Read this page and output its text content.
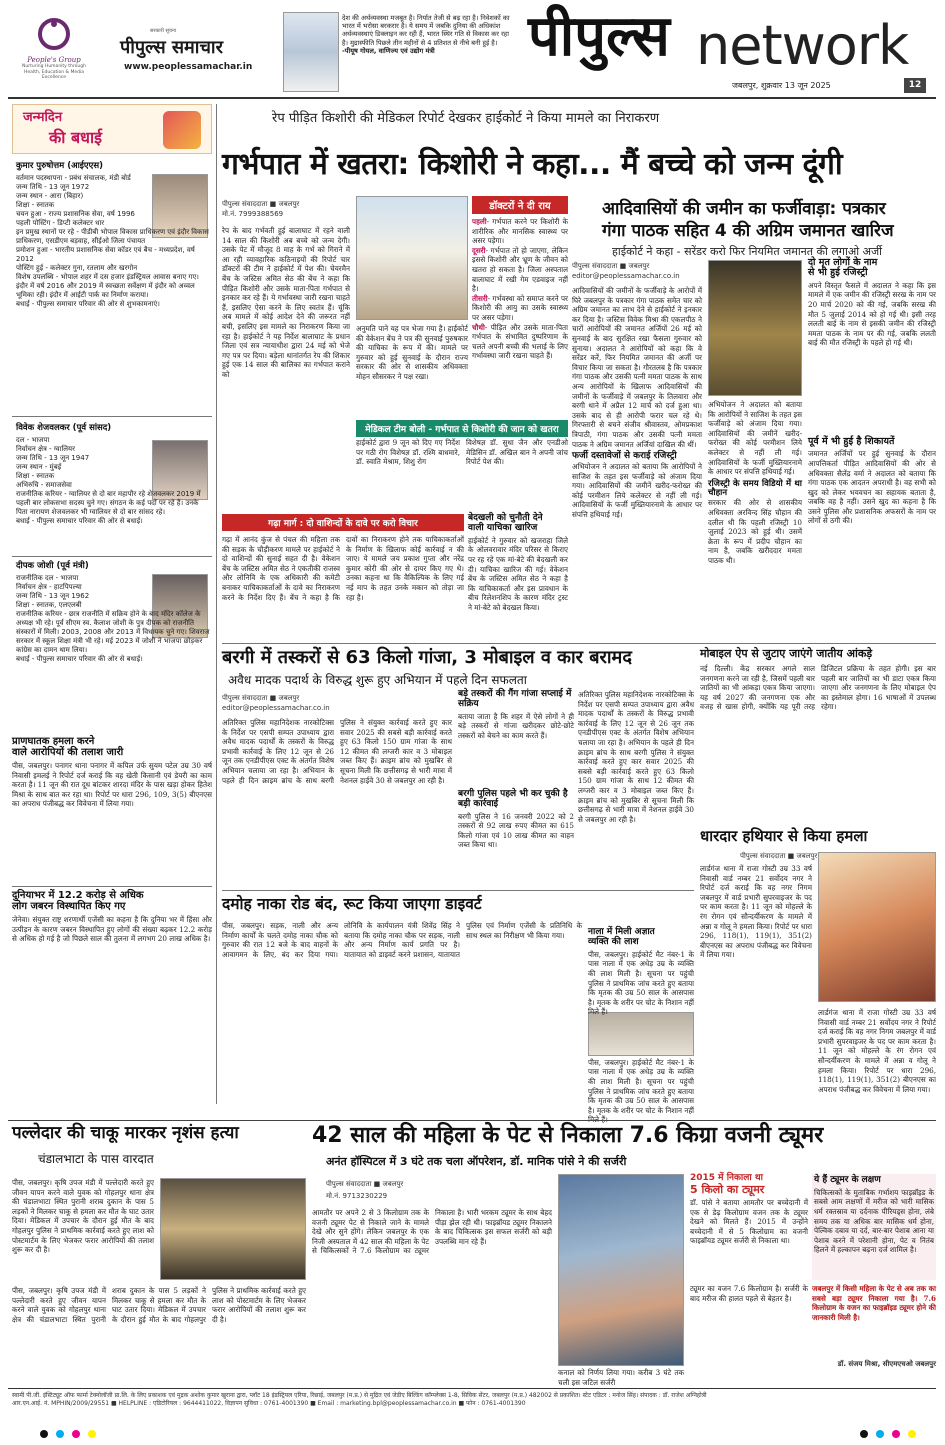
People's Group
Nurturing Humanity through Health, Education & Media Excellence
सरकारी सूचना
पीपुल्स समाचार
www.peoplessamachar.in
देश की अर्थव्यवस्था मजबूत है। निर्यात तेजी से बढ़ रहा है। निवेशकों का भारत में भरोसा बरकरार है। ये समय में जबकि दुनिया की अधिकांश अर्थव्यवस्थाएं डिक्लाइन कर रही हैं, भारत स्थिर गति से विकास कर रहा है। मुद्रास्फीति पिछले तीन महीनों से 4 प्रतिशत से नीचे बनी हुई है। -पीयूष गोयल, वाणिज्य एवं उद्योग मंत्री	पीपुल्स network
जबलपुर, शुक्रवार 13 जून 2025	12
जन्मदिन
की बधाई
कुमार पुरुषोत्तम (आईएएस)
वर्तमान पदस्थापना - प्रबंध संचालक, मंडी बोर्ड
जन्म तिथि - 13 जून 1972
जन्म स्थान - आरा (बिहार)
शिक्षा - स्नातक
चयन हुआ - राज्य प्रशासनिक सेवा, वर्ष 1996
पहली पोस्टिंग - डिप्टी कलेक्टर धार
इन प्रमुख स्थानों पर रहे - पीडीबी भोपाल विकास प्राधिकरण एवं इंदौर विकास प्राधिकरण, एसडीएम बड़वाह, सीईओ जिला पंचायत
प्रमोशन हुआ - भारतीय प्रशासनिक सेवा कॉडर एवं बैच - मध्यप्रदेश, वर्ष 2012
पोस्टिंग हुई - कलेक्टर गुना, रतलाम और खरगोन
विशेष उपलब्धि - भोपाल शहर में दस हजार इंडस्ट्रियल आवास बनाए गए। इंदौर में वर्ष 2016 और 2019 में स्वच्छता सर्वेक्षण में इंदौर को अव्वल भूमिका रही। इंदौर में आईटी पार्क का निर्माण कराया।
बधाई - पीपुल्स समाचार परिवार की ओर से शुभकामनाएं।
विवेक शेजवलकर (पूर्व सांसद)
दल - भाजपा
निर्वाचन क्षेत्र - ग्वालियर
जन्म तिथि - 13 जून 1947
जन्म स्थान - मुंबई
शिक्षा - स्नातक
अभिरुचि - समाजसेवा
राजनीतिक करियर - ग्वालियर से दो बार महापौर रहे शेजवलकर 2019 में पहली बार लोकसभा सदस्य चुने गए। संगठन के कई पदों पर रहे हैं। उनके पिता नारायण शेजवलकर भी ग्वालियर से दो बार सांसद रहे।
बधाई - पीपुल्स समाचार परिवार की ओर से बधाई।
दीपक जोशी (पूर्व मंत्री)
राजनीतिक दल - भाजपा
निर्वाचन क्षेत्र - हाटपिपल्या
जन्म तिथि - 13 जून 1962
शिक्षा - स्नातक, एलएलबी
राजनीतिक करियर - छात्र राजनीति में सक्रिय होने के बाद मंदिर कॉलेज के अध्यक्ष भी रहे। पूर्व सीएम स्व. कैलाश जोशी के पुत्र दीपक को राजनीति संस्कारों में मिली। 2003, 2008 और 2013 में विधायक चुने गए। शिवराज सरकार में स्कूल शिक्षा मंत्री भी रहे। मई 2023 में जोशी ने भाजपा छोड़कर कांग्रेस का दामन थाम लिया।
बधाई - पीपुल्स समाचार परिवार की ओर से बधाई।
रेप पीड़ित किशोरी की मेडिकल रिपोर्ट देखकर हाईकोर्ट ने किया मामले का निराकरण
गर्भपात में खतरा: किशोरी ने कहा... मैं बच्चे को जन्म दूंगी
पीपुल्स संवाददाता ■ जबलपुर
मो.नं. 7999388569
रेप के बाद गर्भवती हुई बालाघाट में रहने वाली 14 साल की किशोरी अब बच्चे को जन्म देगी। उसके पेट में मौजूद 8 माह के गर्भ को गिराने में आ रही व्यावहारिक कठिनाइयों की रिपोर्ट चार डॉक्टरों की टीम ने हाईकोर्ट में पेश की। चेयरमैन बेंच के जस्टिस अमित सेठ की बेंच ने कहा कि पीड़ित किशोरी और उसके माता-पिता गर्भपात से इनकार कर रहे हैं। ये गर्भावस्था जारी रखना चाहते हैं, इसलिए ऐसा करने के लिए स्वतंत्र हैं। चूंकि अब मामले में कोई आदेश देने की जरूरत नहीं बची, इसलिए इस मामले का निराकरण किया जा रहा है। हाईकोर्ट ने यह निर्देश बालाघाट के प्रधान जिला एवं सत्र न्यायाधीश द्वारा 24 मई को भेजे गए पत्र पर दिया। बड़ेला थानांतर्गत रेप की शिकार हुई एक 14 साल की बालिका का गर्भपात कराने को
अनुमति पाने यह पत्र भेजा गया है। हाईकोर्ट की वेकेशन बेंच ने पत्र की सुनवाई पुरुषकार की याचिका के रूप में की। मामले पर गुरुवार को हुई सुनवाई के दौरान राज्य सरकार की ओर से शासकीय अधिवक्ता मोहन सौसरकर ने पक्ष रखा।
डॉक्टरों ने दी राय
पहली- गर्भपात करने पर किशोरी के शारीरिक और मानसिक स्वास्थ्य पर असर पड़ेगा।
दूसरी- गर्भपात तो हो जाएगा, लेकिन इससे किशोरी और भ्रूण के जीवन को खतरा हो सकता है। जिला अस्पताल बालाघाट में रखी गेम एडवाइज नहीं है।
तीसरी- गर्भवस्था को समाप्त करने पर किशोरी की आयु का उसके स्वास्थ्य पर असर पड़ेगा।
चौथी- पीड़ित और उसके माता-पिता गर्भपात के संभावित दुष्परिणाम के चलते अपनी बच्ची की भलाई के लिए गर्भावस्था जारी रखना चाहते हैं।
मेडिकल टीम बोली - गर्भपात से किशोरी की जान को खतरा
हाईकोर्ट द्वारा 9 जून को दिए गए निर्देश पर गठी रोग विशेषज्ञ डॉ. रश्मि बाधमारे, डॉ. स्वाति मेश्राम, शिशु रोग
विशेषज्ञ डॉ. सुधा जैन और एनडीओ मेडिसिन डॉ. अखिल बान ने अपनी जांच रिपोर्ट पेश की।
आदिवासियों की जमीन का फर्जीवाड़ा: पत्रकार
गंगा पाठक सहित 4 की अग्रिम जमानत खारिज
हाईकोर्ट ने कहा - सरेंडर करो फिर नियमित जमानत की लगाओ अर्जी
पीपुल्स संवाददाता ■ जबलपुर
editor@peoplessamachar.co.in
आदिवासियों की जमीनों के फर्जीवाड़े के आरोपों में घिरे जबलपुर के पत्रकार गंगा पाठक समेत चार को अग्रिम जमानत का लाभ देने से हाईकोर्ट ने इनकार कर दिया है। जस्टिस विवेक मिश्रा की एकलपीठ ने चारों आरोपियों की जमानत अर्जियों 26 मई को सुनवाई के बाद सुरक्षित रखा फैसला गुरुवार को सुनाया। अदालत ने आरोपियों को कहा कि वे सरेंडर करें, फिर नियमित जमानत की अर्जी पर विचार किया जा सकता है। गौरतलब है कि पत्रकार गंगा पाठक और उसकी पत्नी ममता पाठक के साथ अन्य आरोपियों के खिलाफ आदिवासियों की जमीनों के फर्जीवाड़े में जबलपुर के तिलवारा और बरगी थाने में अप्रैल 12 मार्च को दर्ज हुआ था। उसके बाद से ही आरोपी फरार चल रहे थे। गिरफ्तारी से बचने संजीव श्रीवास्तव, ओमप्रकाश त्रिपाठी, गंगा पाठक और उसकी पत्नी ममता पाठक ने अग्रिम जमानत अर्जियां दाखिल की थीं।
फर्जी दस्तावेजों से कराई रजिस्ट्री
अभियोजन ने अदालत को बताया कि आरोपियों ने साजिश के तहत इस फर्जीवाड़े को अंजाम दिया गया। आदिवासियों की जमीनें खरीद-फरोख्त की कोई परमीशन लिये कलेक्टर से नहीं ली गई। आदिवासियों के फर्जी मुख्तियारनामे के आधार पर संपत्ति हथियाई गई।
अभियोजन ने अदालत को बताया कि आरोपियों ने साजिश के तहत इस फर्जीवाड़े को अंजाम दिया गया। आदिवासियों की जमीनें खरीद-फरोख्त की कोई परमीशन लिये कलेक्टर से नहीं ली गई। आदिवासियों के फर्जी मुख्तियारनामे के आधार पर संपत्ति हथियाई गई।
रजिस्ट्री के समय विडियो में था चौहान
सरकार की ओर से शासकीय अधिवक्ता अरविन्द सिंह चौहान की दलील थी कि पहली रजिस्ट्री 10 जुलाई 2023 को हुई थी। उसमें क्रेता के रूप में प्रदीप चौहान का नाम है, जबकि खरीददार ममता पाठक थी।
दो मृत लोगों के नाम
से भी हुई रजिस्ट्री
अपने विस्तृत फैसले में अदालत ने कहा कि इस मामले में एक जमीन की रजिस्ट्री सरख के नाम पर 20 मार्च 2020 को की गई, जबकि सरख की मौत 5 जुलाई 2014 को हो गई थी। इसी तरह ललती बाई के नाम से इसकी जमीन की रजिस्ट्री ममता पाठक के नाम पर की गई, जबकि ललती बाई की मौत रजिस्ट्री के पहले हो गई थी।
पूर्व में भी हुई है शिकायतें
जमानत अर्जियों पर हुई सुनवाई के दौरान आपत्तिकर्ता पीड़ित आदिवासियों की ओर से अधिवक्ता सैलेंद्र वर्मा ने अदालत को बताया कि गंगा पाठक एक आदतन अपराधी है। वह सभी को खुद को लेकर भयवचन का सहायक बताता है, जबकि वह है नहीं। उसने खुद का कहना है कि उसने पुलिस और प्रशासनिक अफसरों के नाम पर लोगों से ठगी की।
गढ़ा मार्ग : दो वाशिन्दों के दावे पर करो विचार
गढ़ा में आनंद कुंज से पंचल की महिला तक की सड़क के चौड़ीकरण मामले पर हाईकोर्ट ने दो वाशिन्दों की सुनाई सहत दी है। वेकेशन बेंच के जस्टिस अमित सेठ ने एकतीकी राजस्व और लोनिवि के एक अधिकारी की कमेटी बनाकर याचिकाकर्ताओं के दावे का निराकरण करने के निर्देश दिए हैं। बेंच ने कहा है कि दावों का निराकरण होने तक याचिकाकर्ताओं के निर्माण के खिलाफ कोई कार्रवाई न की जाए। ये मामले जय प्रकाश गुप्ता और नरेंद्र कुमार कोरी की ओर से दायर किए गए थे। उनका कहना था कि वैकिल्पिक के लिए गई नई माप के तहत उनके मकान को तोड़ा जा रहा है।
बेदखली को चुनौती देने
वाली याचिका खारिज
हाईकोर्ट ने गुरुवार को खजराहा जिले के ओलवरावार मंदिर परिसर से किराए पर रह रहे एक मां-बेटे की बेदखली कर दी। याचिका खारिज की गई। वेकेशन बेंच के जस्टिस अमित सेठ ने कहा है कि याचिकाकर्ता और इस प्रावधान के बीच रिलेशनशिप के कारण मंदिर ट्रस्ट ने मां-बेटे को बेदखल किया।
प्राणघातक हमला करने
वाले आरोपियों की तलाश जारी
पीस, जबलपुर। पनागर थाना पनागर में कपिल उर्फ सुयम पटेल उम्र 30 वर्ष निवासी इमलई ने रिपोर्ट दर्ज कराई कि वह खेती किसानी एवं डेयरी का काम करता है। 11 जून की रात दूध बांटकर शारदा मंदिर के पास खड़ा होकर हितेश मिश्रा के साथ बात कर रहा था। रिपोर्ट पर धारा 296, 109, 3(5) बीएनएस का अपराध पंजीबद्ध कर विवेचना में लिया गया।
दुनियाभर में 12.2 करोड़ से अधिक
लोग जबरन विस्थापित किए गए
जेनेवा। संयुक्त राष्ट्र शरणार्थी एजेंसी का कहना है कि दुनिया भर में हिंसा और उत्पीड़न के कारण जबरन विस्थापित हुए लोगों की संख्या बढ़कर 12.2 करोड़ से अधिक हो गई है जो पिछले साल की तुलना में लगभग 20 लाख अधिक है।
बरगी में तस्करों से 63 किलो गांजा, 3 मोबाइल व कार बरामद
अवैध मादक पदार्थ के विरुद्ध शुरू हुए अभियान में पहले दिन सफलता
पीपुल्स संवाददाता ■ जबलपुर
editor@peoplessamachar.co.in
अतिरिक्त पुलिस महानिदेशक नारकोटिक्स के निर्देश पर एसपी सम्पत उपाध्याय द्वारा अवैध मादक पदार्थों के तस्करों के विरुद्ध प्रभावी कार्रवाई के लिए 12 जून से 26 जून तक एनडीपीएस एक्ट के अंतर्गत विशेष अभियान चलाया जा रहा है। अभियान के पहले ही दिन क्राइम ब्रांच के साथ बरगी पुलिस ने संयुक्त कार्रवाई करते हुए कार सवार 2025 की सबसे बड़ी कार्रवाई करते हुए 63 किलो 150 ग्राम गांजा के साथ 12 कीमत की लग्जरी कार व 3 मोबाइल जब्त किए हैं। क्राइम ब्रांच को मुखबिर से सूचना मिली कि छत्तीसगढ़ से भारी मात्रा में नेशनल हाईवे 30 से जबलपुर आ रही है।
बड़े तस्करों की गैंग गांजा सप्लाई में सक्रिय
बताया जाता है कि शहर में ऐसे लोगों ने ही बड़े तस्करों से गांजा खरीदकर छोटे-छोटे तस्करों को बेचने का काम करते हैं।
बरगी पुलिस पहले भी कर चुकी है बड़ी कार्रवाई
बरगी पुलिस ने 16 जनवरी 2022 को 2 तस्करों से 92 लाख रुपए कीमत का 615 किलो गांजा एवं 10 लाख कीमत का वाहन जब्त किया था।
अतिरिक्त पुलिस महानिदेशक नारकोटिक्स के निर्देश पर एसपी सम्पत उपाध्याय द्वारा अवैध मादक पदार्थों के तस्करों के विरुद्ध प्रभावी कार्रवाई के लिए 12 जून से 26 जून तक एनडीपीएस एक्ट के अंतर्गत विशेष अभियान चलाया जा रहा है। अभियान के पहले ही दिन क्राइम ब्रांच के साथ बरगी पुलिस ने संयुक्त कार्रवाई करते हुए कार सवार 2025 की सबसे बड़ी कार्रवाई करते हुए 63 किलो 150 ग्राम गांजा के साथ 12 कीमत की लग्जरी कार व 3 मोबाइल जब्त किए हैं। क्राइम ब्रांच को मुखबिर से सूचना मिली कि छत्तीसगढ़ से भारी मात्रा में नेशनल हाईवे 30 से जबलपुर आ रही है।
मोबाइल ऐप से जुटाए जाएंगे जातीय आंकड़े
नई दिल्ली। केंद्र सरकार अगले साल जनगणना करने जा रही है, जिसमें पहली बार जातियों का भी आंकड़ा एकत्र किया जाएगा। यह वर्ष 2027 की जनगणना एक और वजह से खास होगी, क्योंकि यह पूरी तरह डिजिटल प्रक्रिया के तहत होगी। इस बार पहली बार जातियों का भी डाटा एकत्र किया जाएगा और जनगणना के लिए मोबाइल ऐप का इस्तेमाल होगा। 16 भाषाओं में उपलब्ध रहेगा।
धारदार हथियार से किया हमला
पीपुल्स संवाददाता ■ जबलपुर
लार्डगंज थाना में राजा गोस्टी उम्र 33 वर्ष निवासी वार्ड नम्बर 21 सर्वोदय नगर ने रिपोर्ट दर्ज कराई कि वह नगर निगम जबलपुर में वार्ड प्रभारी सुपरवाइजर के पद पर काम करता है। 11 जून को मोहल्ले के रंग रोगन एवं सौन्दर्यीकरण के मामले में अन्ना व गोलू ने हमला किया। रिपोर्ट पर धारा 296, 118(1), 119(1), 351(2) बीएनएस का अपराध पंजीबद्ध कर विवेचना में लिया गया।
लार्डगंज थाना में राजा गोस्टी उम्र 33 वर्ष निवासी वार्ड नम्बर 21 सर्वोदय नगर ने रिपोर्ट दर्ज कराई कि वह नगर निगम जबलपुर में वार्ड प्रभारी सुपरवाइजर के पद पर काम करता है। 11 जून को मोहल्ले के रंग रोगन एवं सौन्दर्यीकरण के मामले में अन्ना व गोलू ने हमला किया। रिपोर्ट पर धारा 296, 118(1), 119(1), 351(2) बीएनएस का अपराध पंजीबद्ध कर विवेचना में लिया गया।
दमोह नाका रोड बंद, रूट किया जाएगा डाइवर्ट
पीस, जबलपुर। सड़क, नाली और अन्य निर्माण कार्यों के चलते दमोह नाका चौक को गुरुवार की रात 12 बजे के बाद वाहनों के आवागमन के लिए, बंद कर दिया गया। लोनिवि के कार्यपालन यंत्री शिवेंद्र सिंह ने बताया कि दमोह नाका चौक पर सड़क, नाली और अन्य निर्माण कार्य प्रगति पर है। यातायात को डाइवर्ट करने प्रशासन, यातायात पुलिस एवं निर्माण एजेंसी के प्रतिनिधि के साथ स्थल का निरीक्षण भी किया गया।	नाला में मिली अज्ञात
व्यक्ति की लाश
पीस, जबलपुर। हाईकोर्ट मैट नंबर-1 के पास नाला में एक अधेड़ उम्र के व्यक्ति की लाश मिली है। सूचना पर पहुंची पुलिस ने प्राथमिक जांच करते हुए बताया कि मृतक की उम्र 50 साल के आसपास है। मृतक के शरीर पर चोट के निशान नहीं मिले हैं।
पीस, जबलपुर। हाईकोर्ट मैट नंबर-1 के पास नाला में एक अधेड़ उम्र के व्यक्ति की लाश मिली है। सूचना पर पहुंची पुलिस ने प्राथमिक जांच करते हुए बताया कि मृतक की उम्र 50 साल के आसपास है। मृतक के शरीर पर चोट के निशान नहीं
पल्लेदार की चाकू मारकर नृशंस हत्या
चंडालभाटा के पास वारदात
पीस, जबलपुर। कृषि उपज मंडी में पल्लेदारी करते हुए जीवन यापन करने वाले युवक को गोहलपुर थाना क्षेत्र की चंडालभाटा स्थित पुरानी शराब दुकान के पास 5 लड़कों ने मिलकर चाकू से हमला कर मौत के घाट उतार दिया। मेडिकल में उपचार के दौरान हुई मौत के बाद गोहलपुर पुलिस ने प्राथमिक कार्रवाई करते हुए लाश को पोस्टमार्टम के लिए भेजकर फरार आरोपियों की तलाश शुरू कर दी है।
पीस, जबलपुर। कृषि उपज मंडी में पल्लेदारी करते हुए जीवन यापन करने वाले युवक को गोहलपुर थाना क्षेत्र की चंडालभाटा स्थित पुरानी शराब दुकान के पास 5 लड़कों ने मिलकर चाकू से हमला कर मौत के घाट उतार दिया। मेडिकल में उपचार के दौरान हुई मौत के बाद गोहलपुर पुलिस ने प्राथमिक कार्रवाई करते हुए लाश को पोस्टमार्टम के लिए भेजकर फरार आरोपियों की तलाश शुरू कर दी है।
42 साल की महिला के पेट से निकाला 7.6 किग्रा वजनी ट्यूमर
अनंत हॉस्पिटल में 3 घंटे तक चला ऑपरेशन, डॉ. मानिक पांसे ने की सर्जरी
पीपुल्स संवाददाता ■ जबलपुर
मो.नं. 9713230229
आमतौर पर अपने 2 से 3 किलोग्राम तक के वजनी ट्यूमर पेट से निकाले जाने के मामले देखे और सुने होंगे। लेकिन जबलपुर के एक निजी अस्पताल में 42 साल की महिला के पेट से चिकित्सकों ने 7.6 किलोग्राम का ट्यूमर निकाला है। भारी भरकम ट्यूमर के साथ बेहद पीड़ा झेल रही थी। फाइब्रॉयड ट्यूमर निकालने के बाद चिकित्सक इस सफल सर्जरी को बड़ी उपलब्धि मान रहे हैं।
कनाल को निर्णय लिया गया। करीब 3 घंटे तक चली इस जटिल सर्जरी
2015 में निकाला था
5 किलो का ट्यूमर
डॉ. पांसे ने बताया आमतौर पर बच्चेदानी में एक से डेढ़ किलोग्राम वजन तक के ट्यूमर देखने को मिलते हैं। 2015 में उन्होंने बच्चेदानी में से 5 किलोग्राम का वजनी फाइब्रॉयड ट्यूमर सर्जरी से निकाला था।
ट्यूमर का वजन 7.6 किलोग्राम है। सर्जरी के बाद मरीज की हालत पहले से बेहतर है।
ये हैं ट्यूमर के लक्षण
चिकित्सकों के मुताबिक गर्भाशय फाइब्रॉइड के सबसे आम लक्षणों में मरीज को भारी मासिक धर्म रक्तस्राव या दर्दनाक पीरियड्स होना, लंबे समय तक या अधिक बार मासिक धर्म होना, पेल्विक दबाव या दर्द, बार-बार पेशाब आना या पेशाब करने में परेशानी होना, पेट व नितंब हिलने में हल्कापन बढ़ना दर्ज शामिल है।
जबलपुर में किसी महिला के पेट से अब तक का सबसे बड़ा ट्यूमर निकाला गया है। 7.6 किलोग्राम के वजन का फाइब्रॉइड ट्यूमर होने की जानकारी मिली है।
डॉ. संजय मिश्रा, सीएमएचओ जबलपुर
स्वामी पी.जी. इंस्टिट्यूट ऑफ फार्मा टेक्नोलॉजी प्रा.लि. के लिए प्रकाशक एवं मुद्रक अशोक कुमार खुराना द्वारा, प्लॉट 18 इंडस्ट्रियल एरिया, रिछाई, जबलपुर (म.प्र.) से मुद्रित एवं जेडीए बिल्डिंग कॉम्प्लेक्स 1-8, सिविक सेंटर, जबलपुर (म.प्र.) 482002 से प्रकाशित। स्टेट एडिटर : मनोज सिंह। संपादक : डॉ. राजेश अग्निहोत्री
आर.एन.आई. नं. MPHIN/2009/29551 ■ HELPLINE : एडिटोरियल : 9644411022, विज्ञापन सुविधा : 0761-4001390 ■ Email : marketing.bpl@peoplessamachar.co.in ■ फोन : 0761-4001390
